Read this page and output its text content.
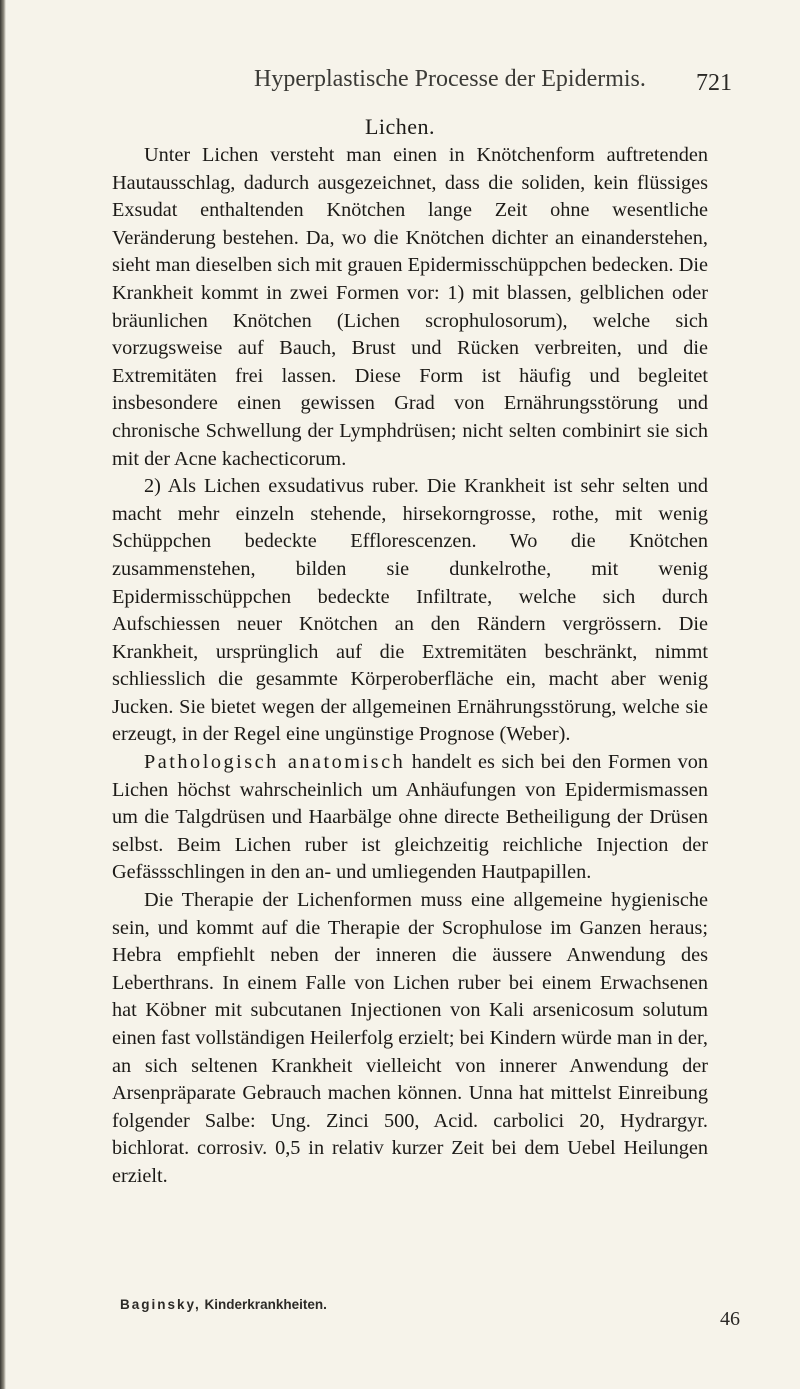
Hyperplastische Processe der Epidermis. 721
Lichen.

Unter Lichen versteht man einen in Knötchenform auftretenden Hautausschlag, dadurch ausgezeichnet, dass die soliden, kein flüssiges Exsudat enthaltenden Knötchen lange Zeit ohne wesentliche Veränderung bestehen. Da, wo die Knötchen dichter an einanderstehen, sieht man dieselben sich mit grauen Epidermisschüppchen bedecken. Die Krankheit kommt in zwei Formen vor: 1) mit blassen, gelblichen oder bräunlichen Knötchen (Lichen scrophulosorum), welche sich vorzugsweise auf Bauch, Brust und Rücken verbreiten, und die Extremitäten frei lassen. Diese Form ist häufig und begleitet insbesondere einen gewissen Grad von Ernährungsstörung und chronische Schwellung der Lymphdrüsen; nicht selten combinirt sie sich mit der Acne kachecticorum.

2) Als Lichen exsudativus ruber. Die Krankheit ist sehr selten und macht mehr einzeln stehende, hirsekorngrosse, rothe, mit wenig Schüppchen bedeckte Efflorescenzen. Wo die Knötchen zusammenstehen, bilden sie dunkelrothe, mit wenig Epidermisschüppchen bedeckte Infiltrate, welche sich durch Aufschiessen neuer Knötchen an den Rändern vergrössern. Die Krankheit, ursprünglich auf die Extremitäten beschränkt, nimmt schliesslich die gesammte Körperoberfläche ein, macht aber wenig Jucken. Sie bietet wegen der allgemeinen Ernährungsstörung, welche sie erzeugt, in der Regel eine ungünstige Prognose (Weber).

Pathologisch anatomisch handelt es sich bei den Formen von Lichen höchst wahrscheinlich um Anhäufungen von Epidermismassen um die Talgdrüsen und Haarbälge ohne directe Betheiligung der Drüsen selbst. Beim Lichen ruber ist gleichzeitig reichliche Injection der Gefässschlingen in den an- und umliegenden Hautpapillen.

Die Therapie der Lichenformen muss eine allgemeine hygienische sein, und kommt auf die Therapie der Scrophulose im Ganzen heraus; Hebra empfiehlt neben der inneren die äussere Anwendung des Leberthrans. In einem Falle von Lichen ruber bei einem Erwachsenen hat Köbner mit subcutanen Injectionen von Kali arsenicosum solutum einen fast vollständigen Heilerfolg erzielt; bei Kindern würde man in der, an sich seltenen Krankheit vielleicht von innerer Anwendung der Arsenpräparate Gebrauch machen können. Unna hat mittelst Einreibung folgender Salbe: Ung. Zinci 500, Acid. carbolici 20, Hydrargyr. bichlorat. corrosiv. 0,5 in relativ kurzer Zeit bei dem Uebel Heilungen erzielt.

Baginsky, Kinderkrankheiten.
46
